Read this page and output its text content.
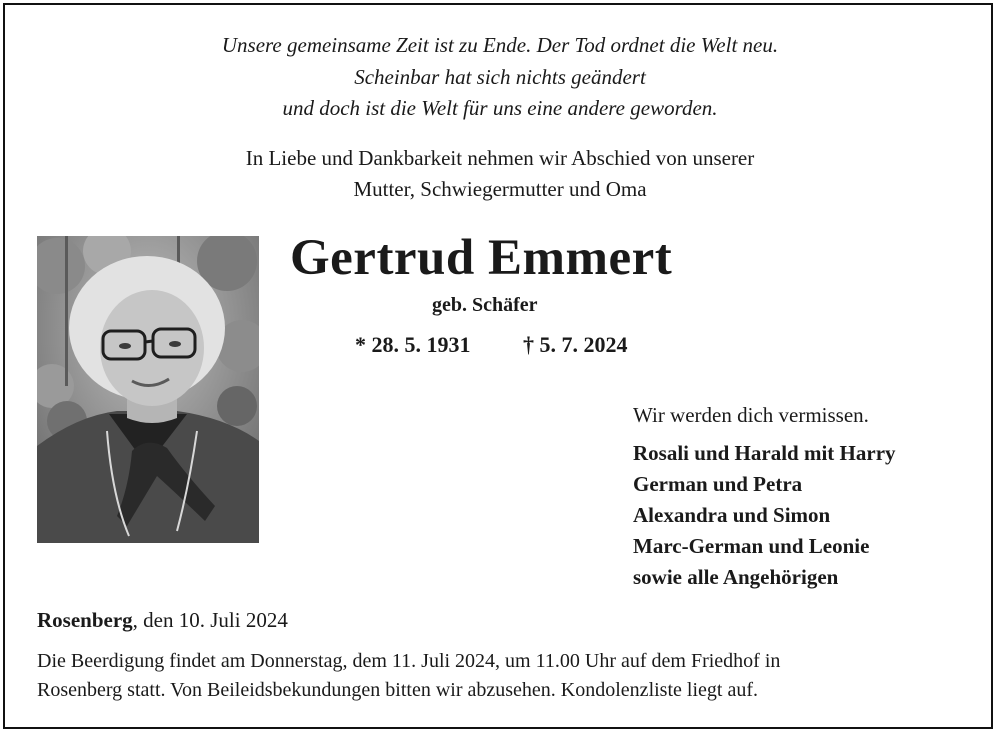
Unsere gemeinsame Zeit ist zu Ende. Der Tod ordnet die Welt neu.
Scheinbar hat sich nichts geändert
und doch ist die Welt für uns eine andere geworden.
In Liebe und Dankbarkeit nehmen wir Abschied von unserer
Mutter, Schwiegermutter und Oma
Gertrud Emmert
geb. Schäfer
* 28. 5. 1931 † 5. 7. 2024
Wir werden dich vermissen.
Rosali und Harald mit Harry
German und Petra
Alexandra und Simon
Marc-German und Leonie
sowie alle Angehörigen
Rosenberg, den 10. Juli 2024
Die Beerdigung findet am Donnerstag, dem 11. Juli 2024, um 11.00 Uhr auf dem Friedhof in
Rosenberg statt. Von Beileidsbekundungen bitten wir abzusehen. Kondolenzliste liegt auf.
